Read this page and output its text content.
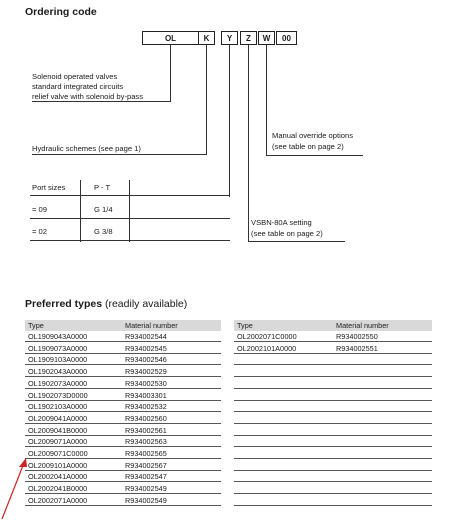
Ordering code
OL	K	Y	Z	W	00
Solenoid operated valves
standard integrated circuits
relief valve with solenoid by-pass
Hydraulic schemes (see page 1)
Manual override options
(see table on page 2)
Port sizes	P - T
= 09	G 1/4
= 02	G 3/8
VSBN-80A setting
(see table on page 2)
Preferred types (readily available)
Type	Material number
OL1909043A0000	R934002544
OL1909073A0000	R934002545
OL1909103A0000	R934002546
OL1902043A0000	R934002529
OL1902073A0000	R934002530
OL1902073D0000	R934003301
OL1902103A0000	R934002532
OL2009041A0000	R934002560
OL2009041B0000	R934002561
OL2009071A0000	R934002563
OL2009071C0000	R934002565
OL2009101A0000	R934002567
OL2002041A0000	R934002547
OL2002041B0000	R934002549
OL2002071A0000	R934002549
Type	Material number
OL2002071C0000	R934002550
OL2002101A0000	R934002551
